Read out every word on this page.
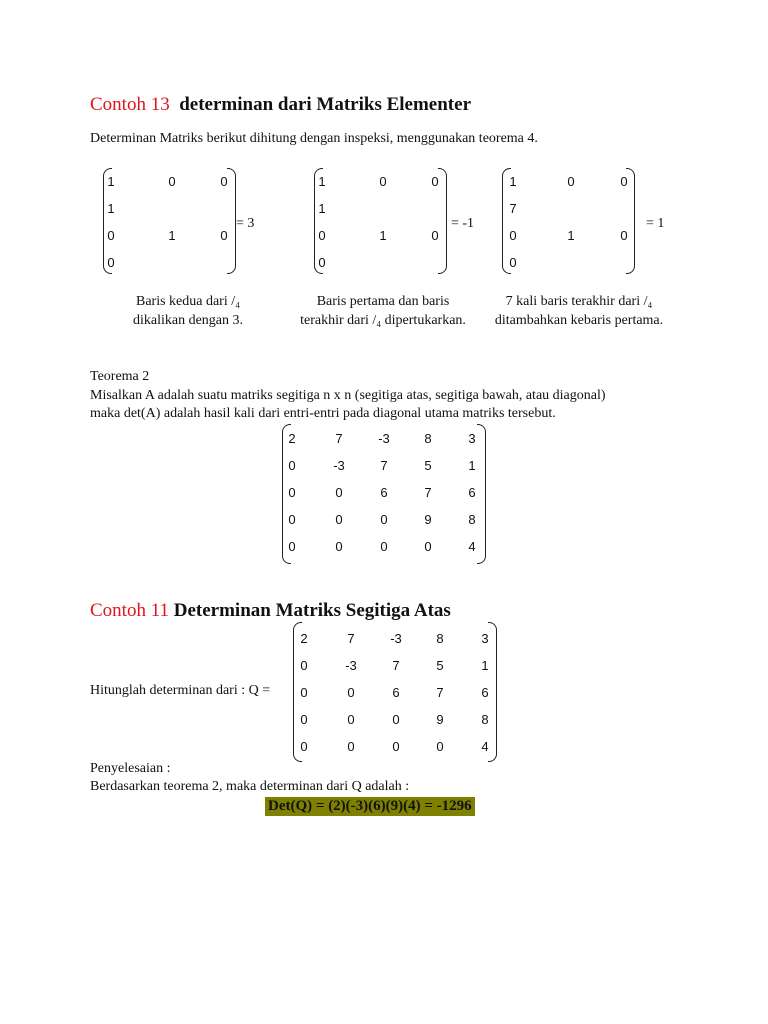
Contoh 13 determinan dari Matriks Elementer
Determinan Matriks berikut dihitung dengan inspeksi, menggunakan teorema 4.
1	0	0
1
0	1	0
0
= 3
Baris kedua dari /₄
dikalikan dengan 3.
1	0	0
1
0	1	0
0
= -1
Baris pertama dan baris
terakhir dari /₄ dipertukarkan.
1	0	0
7
0	1	0
0
= 1
7 kali baris terakhir dari /₄
ditambahkan kebaris pertama.
Teorema 2
Misalkan A adalah suatu matriks segitiga n x n (segitiga atas, segitiga bawah, atau diagonal)
maka det(A) adalah hasil kali dari entri-entri pada diagonal utama matriks tersebut.
2	7	-3	8	3
0	-3	7	5	1
0	0	6	7	6
0	0	0	9	8
0	0	0	0	4
Contoh 11 Determinan Matriks Segitiga Atas
Hitunglah determinan dari : Q =
2	7	-3	8	3
0	-3	7	5	1
0	0	6	7	6
0	0	0	9	8
0	0	0	0	4
Penyelesaian :
Berdasarkan teorema 2, maka determinan dari Q adalah :
Det(Q) = (2)(-3)(6)(9)(4) = -1296
